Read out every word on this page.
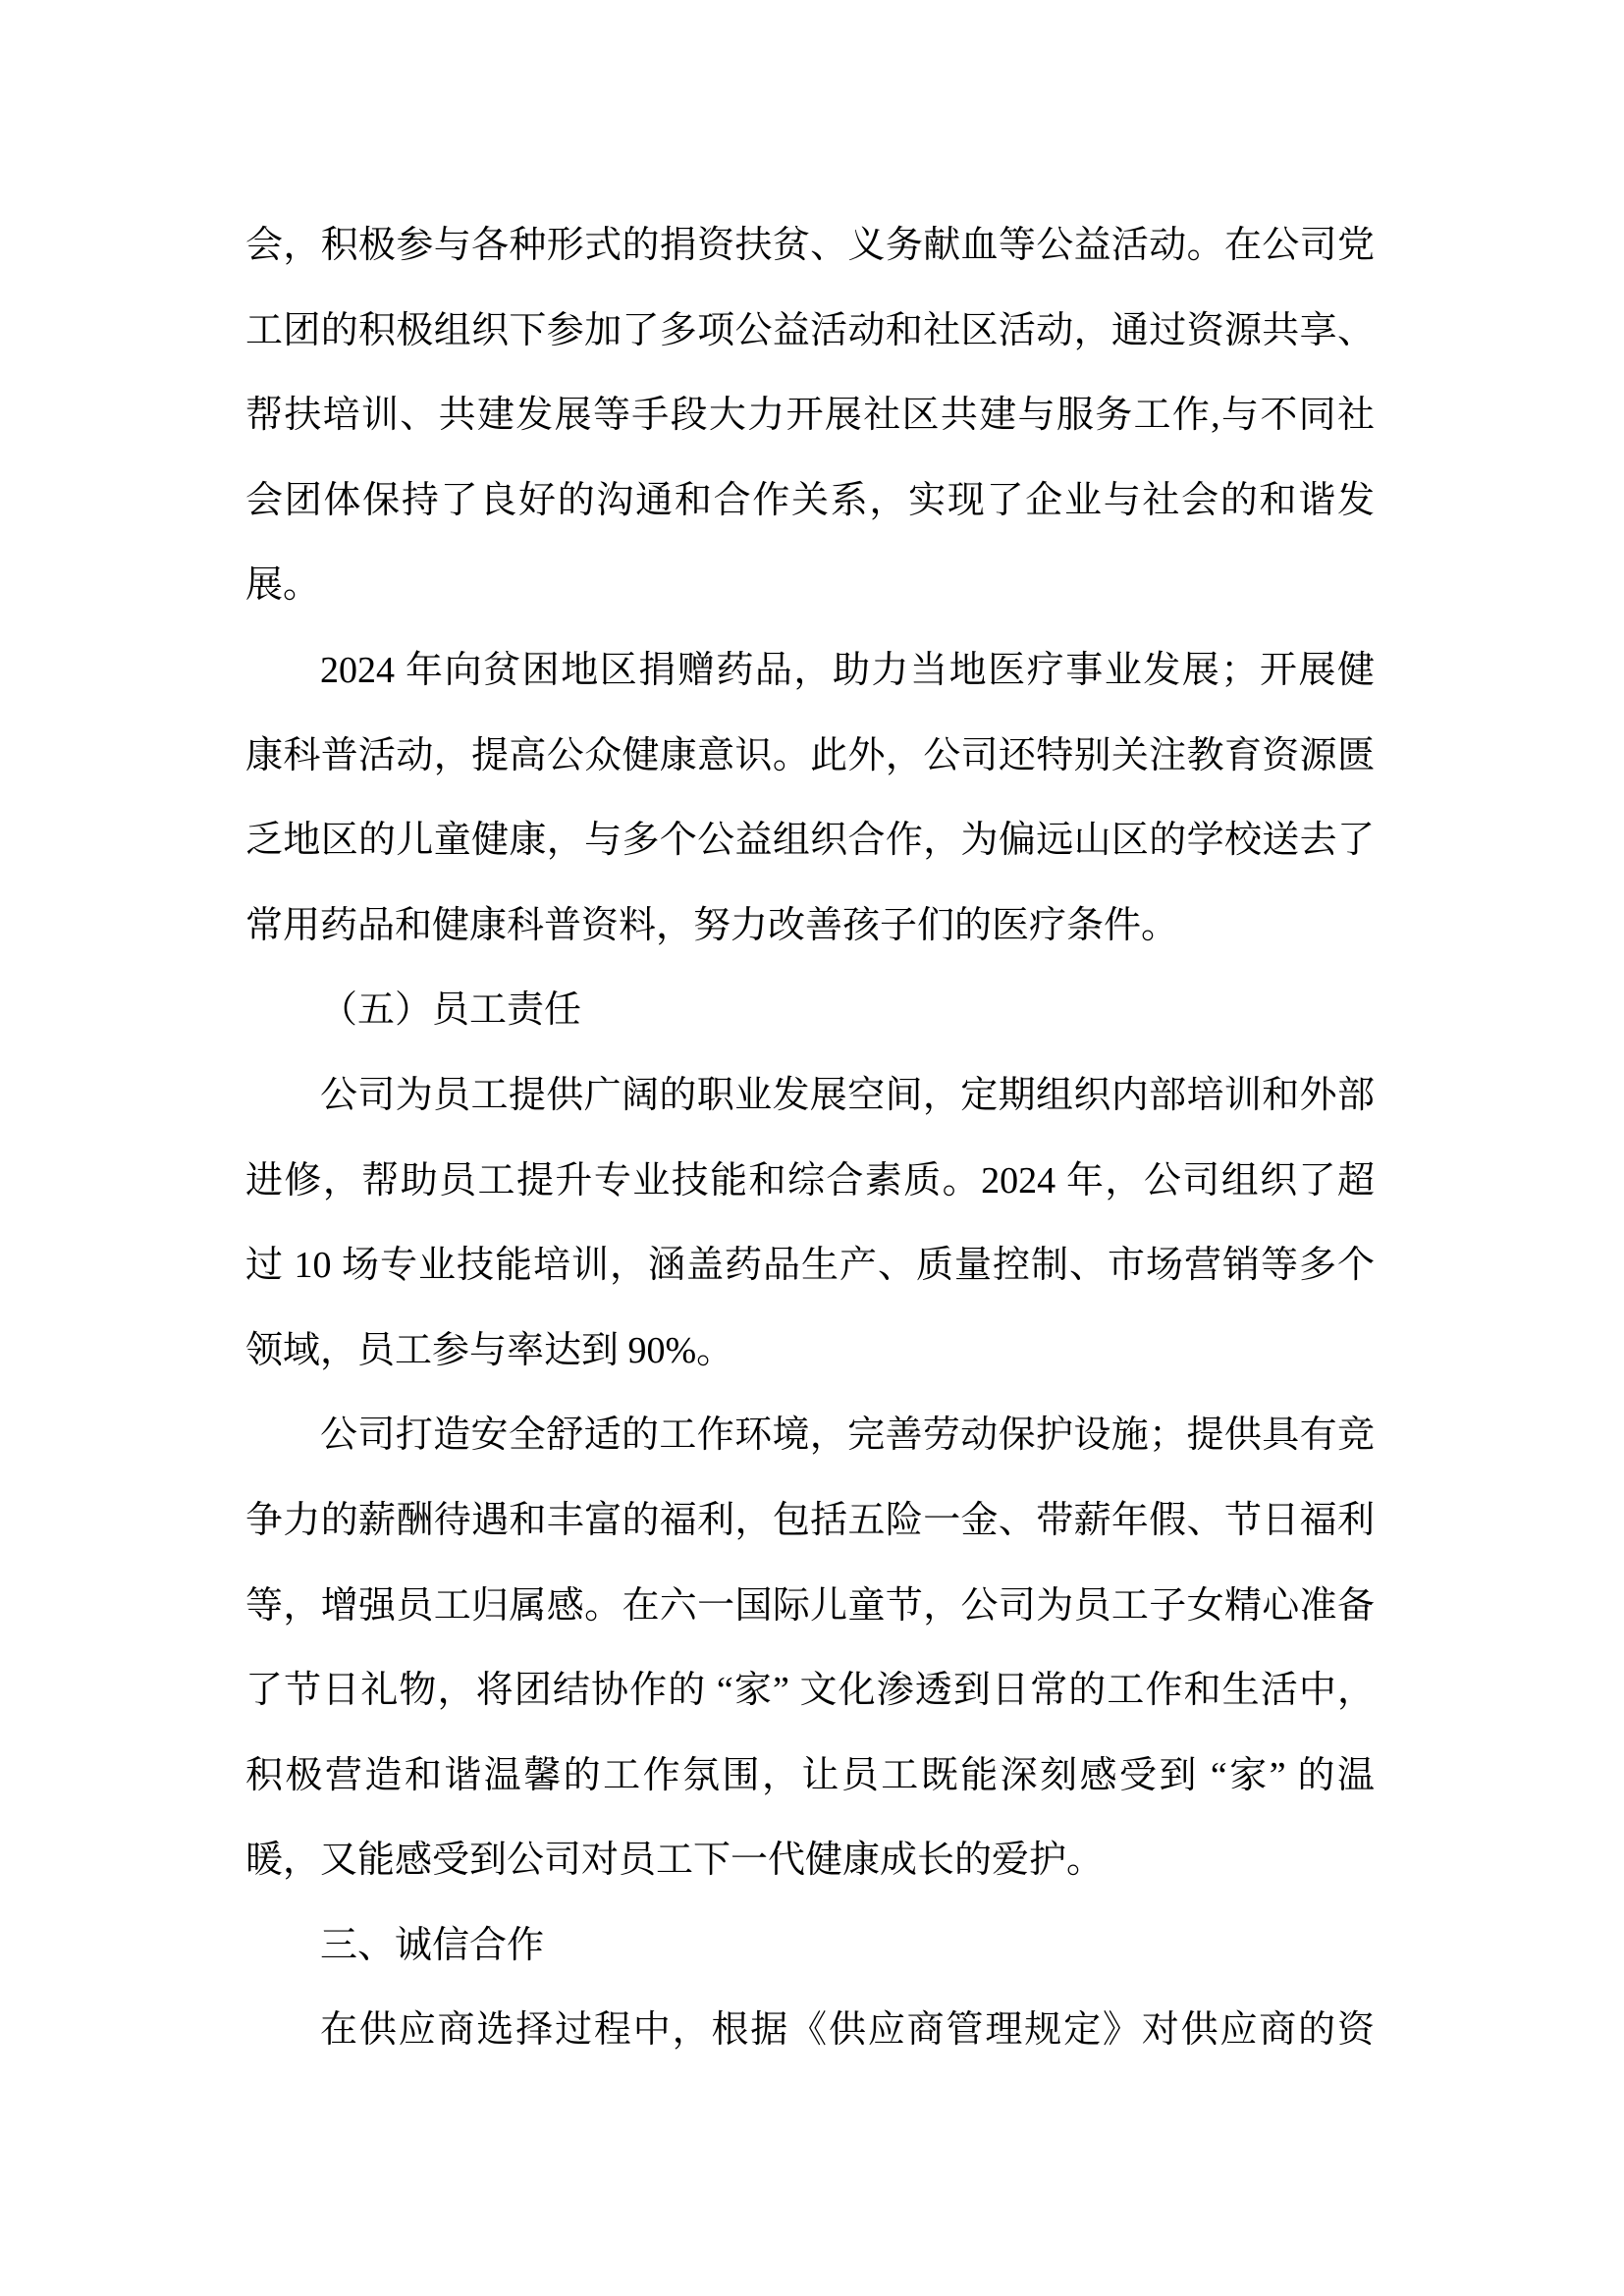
会，积极参与各种形式的捐资扶贫、义务献血等公益活动。在公司党
工团的积极组织下参加了多项公益活动和社区活动，通过资源共享、
帮扶培训、共建发展等手段大力开展社区共建与服务工作,与不同社
会团体保持了良好的沟通和合作关系，实现了企业与社会的和谐发
展。
2024 年向贫困地区捐赠药品，助力当地医疗事业发展；开展健
康科普活动，提高公众健康意识。此外，公司还特别关注教育资源匮
乏地区的儿童健康，与多个公益组织合作，为偏远山区的学校送去了
常用药品和健康科普资料，努力改善孩子们的医疗条件。
（五）员工责任
公司为员工提供广阔的职业发展空间，定期组织内部培训和外部
进修，帮助员工提升专业技能和综合素质。2024 年，公司组织了超
过 10 场专业技能培训，涵盖药品生产、质量控制、市场营销等多个
领域，员工参与率达到 90%。
公司打造安全舒适的工作环境，完善劳动保护设施；提供具有竞
争力的薪酬待遇和丰富的福利，包括五险一金、带薪年假、节日福利
等，增强员工归属感。在六一国际儿童节，公司为员工子女精心准备
了节日礼物，将团结协作的 “家” 文化渗透到日常的工作和生活中，
积极营造和谐温馨的工作氛围，让员工既能深刻感受到 “家” 的温
暖，又能感受到公司对员工下一代健康成长的爱护。
三、诚信合作
在供应商选择过程中，根据《供应商管理规定》对供应商的资
